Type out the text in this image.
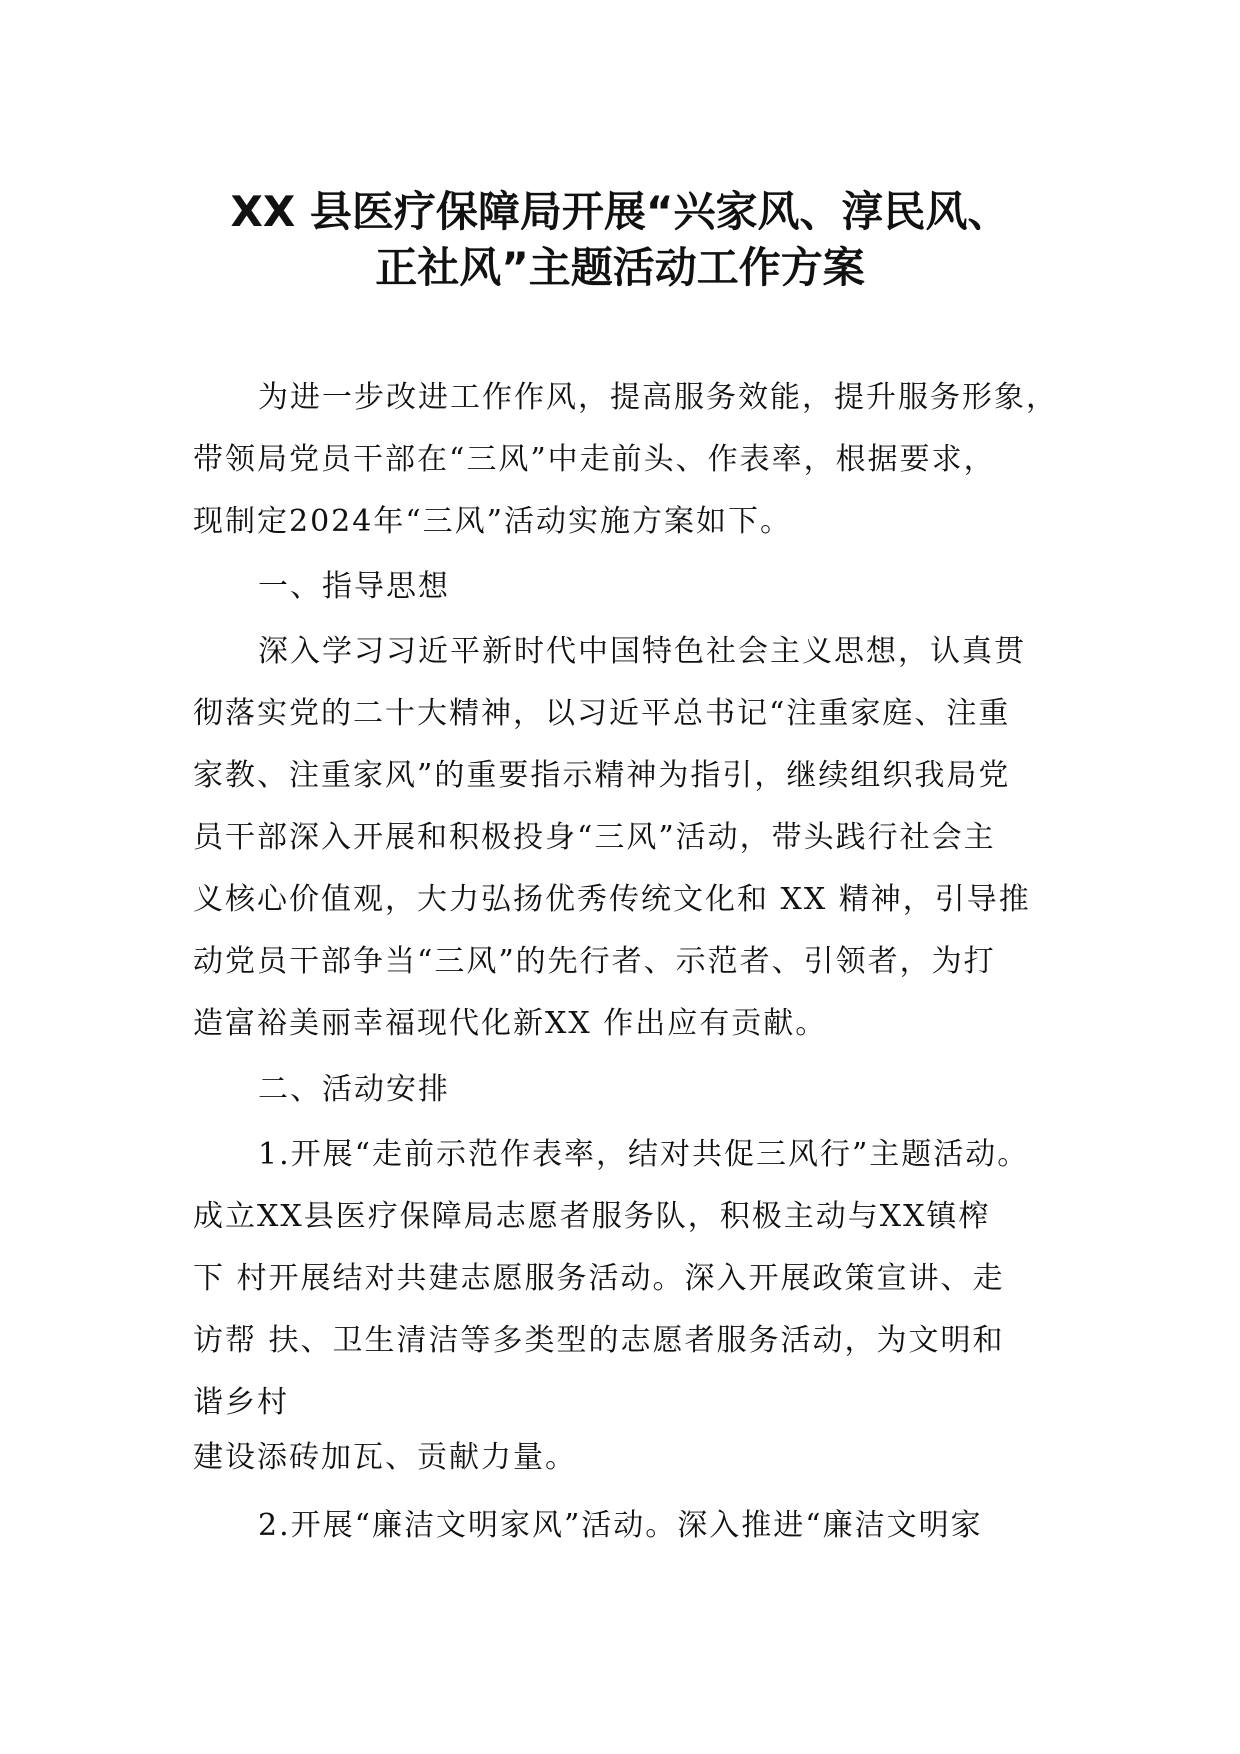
XX 县医疗保障局开展“兴家风、淳民风、
正社风”主题活动工作方案

为进一步改进工作作风，提高服务效能，提升服务形象，

带领局党员干部在“三风”中走前头、作表率，根据要求，

现制定2024年“三风”活动实施方案如下。

一、指导思想

深入学习习近平新时代中国特色社会主义思想，认真贯

彻落实党的二十大精神，以习近平总书记“注重家庭、注重

家教、注重家风”的重要指示精神为指引，继续组织我局党

员干部深入开展和积极投身“三风”活动，带头践行社会主

义核心价值观，大力弘扬优秀传统文化和 XX 精神，引导推

动党员干部争当“三风”的先行者、示范者、引领者，为打

造富裕美丽幸福现代化新XX 作出应有贡献。

二、活动安排

1.开展“走前示范作表率，结对共促三风行”主题活动。

成立XX县医疗保障局志愿者服务队，积极主动与XX镇榨

下 村开展结对共建志愿服务活动。深入开展政策宣讲、走

访帮 扶、卫生清洁等多类型的志愿者服务活动，为文明和

谐乡村

建设添砖加瓦、贡献力量。

2.开展“廉洁文明家风”活动。深入推进“廉洁文明家
